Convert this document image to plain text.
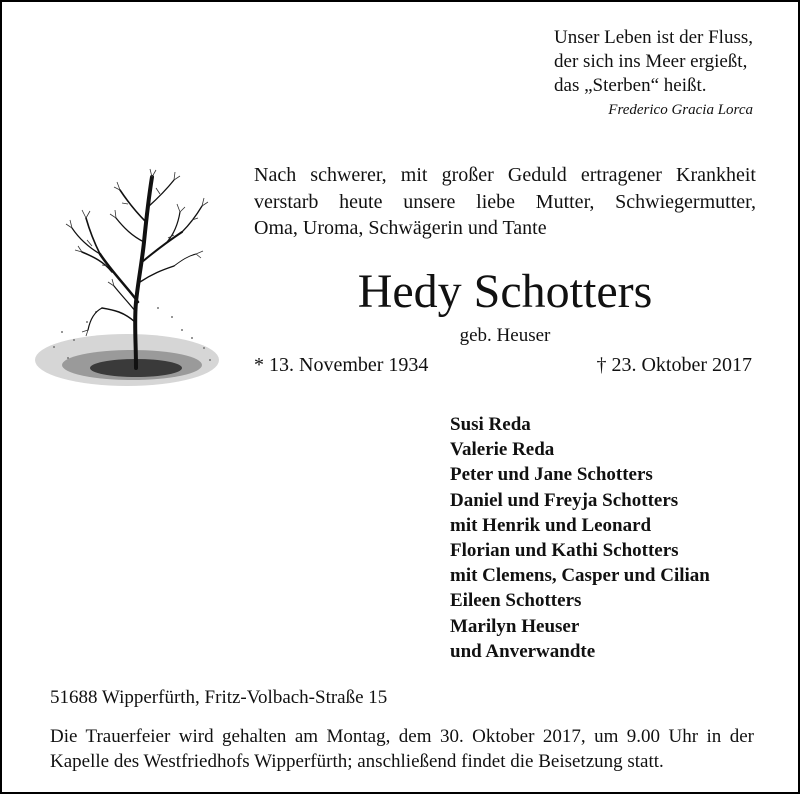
Unser Leben ist der Fluss,
der sich ins Meer ergießt,
das „Sterben“ heißt.
Frederico Gracia Lorca
Nach schwerer, mit großer Geduld ertragener Krankheit
verstarb heute unsere liebe Mutter, Schwiegermutter,
Oma, Uroma, Schwägerin und Tante
Hedy Schotters
geb. Heuser
* 13. November 1934	† 23. Oktober 2017
Susi Reda
Valerie Reda
Peter und Jane Schotters
Daniel und Freyja Schotters
mit Henrik und Leonard
Florian und Kathi Schotters
mit Clemens, Casper und Cilian
Eileen Schotters
Marilyn Heuser
und Anverwandte
51688 Wipperfürth, Fritz-Volbach-Straße 15
Die Trauerfeier wird gehalten am Montag, dem 30. Oktober 2017, um 9.00 Uhr in der
Kapelle des Westfriedhofs Wipperfürth; anschließend findet die Beisetzung statt.
